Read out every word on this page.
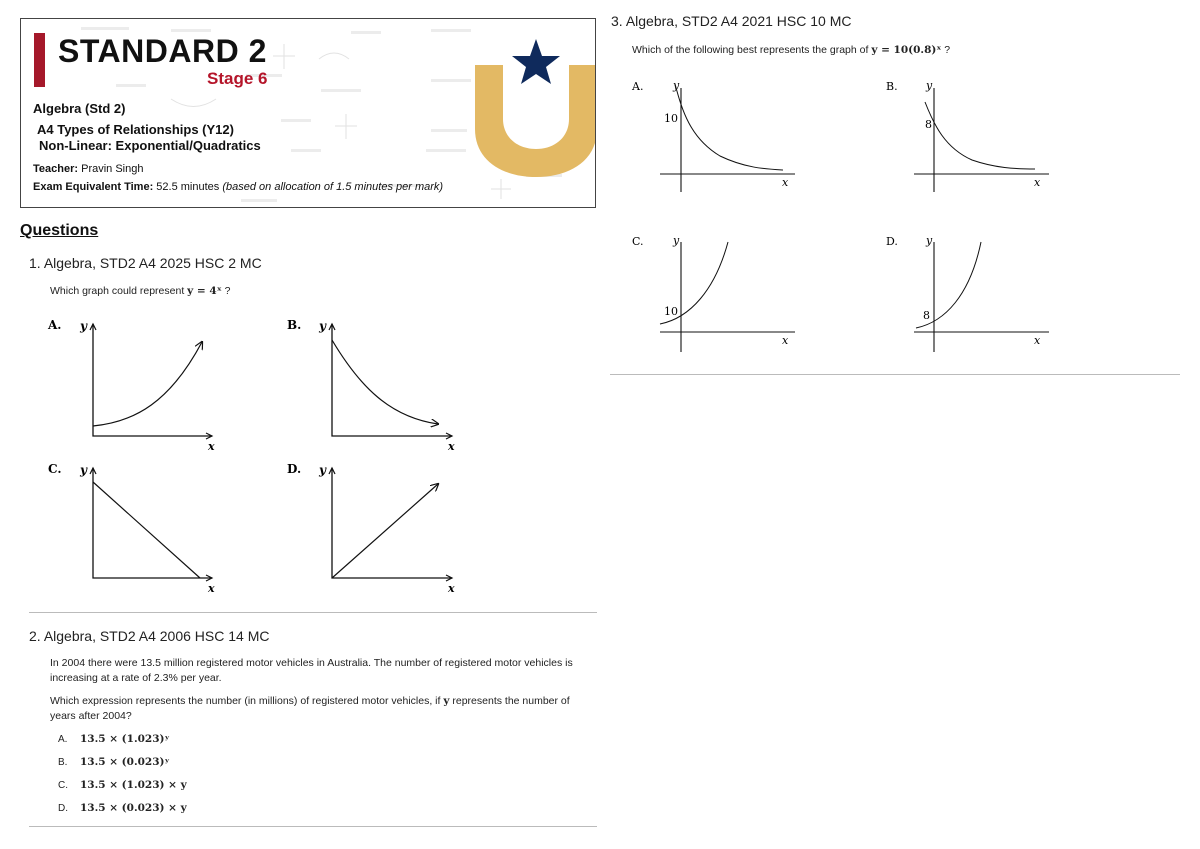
STANDARD 2
Stage 6
Algebra (Std 2)
A4 Types of Relationships (Y12)
Non-Linear: Exponential/Quadratics
Teacher: Pravin Singh
Exam Equivalent Time: 52.5 minutes (based on allocation of 1.5 minutes per mark)
Questions
1. Algebra, STD2 A4 2025 HSC 2 MC
Which graph could represent y = 4ˣ ?
A. y
x
B. y
x
C. y
x
D. y
x
2. Algebra, STD2 A4 2006 HSC 14 MC
In 2004 there were 13.5 million registered motor vehicles in Australia. The number of registered motor vehicles is increasing at a rate of 2.3% per year.
Which expression represents the number (in millions) of registered motor vehicles, if y represents the number of years after 2004?
A. 13.5 × (1.023)ʸ
B. 13.5 × (0.023)ʸ
C. 13.5 × (1.023) × y
D. 13.5 × (0.023) × y
3. Algebra, STD2 A4 2021 HSC 10 MC
Which of the following best represents the graph of y = 10(0.8)ˣ ?
A.	y
x
10
B.	y
x
8
C.	y
x
10
D.	y
x
8
